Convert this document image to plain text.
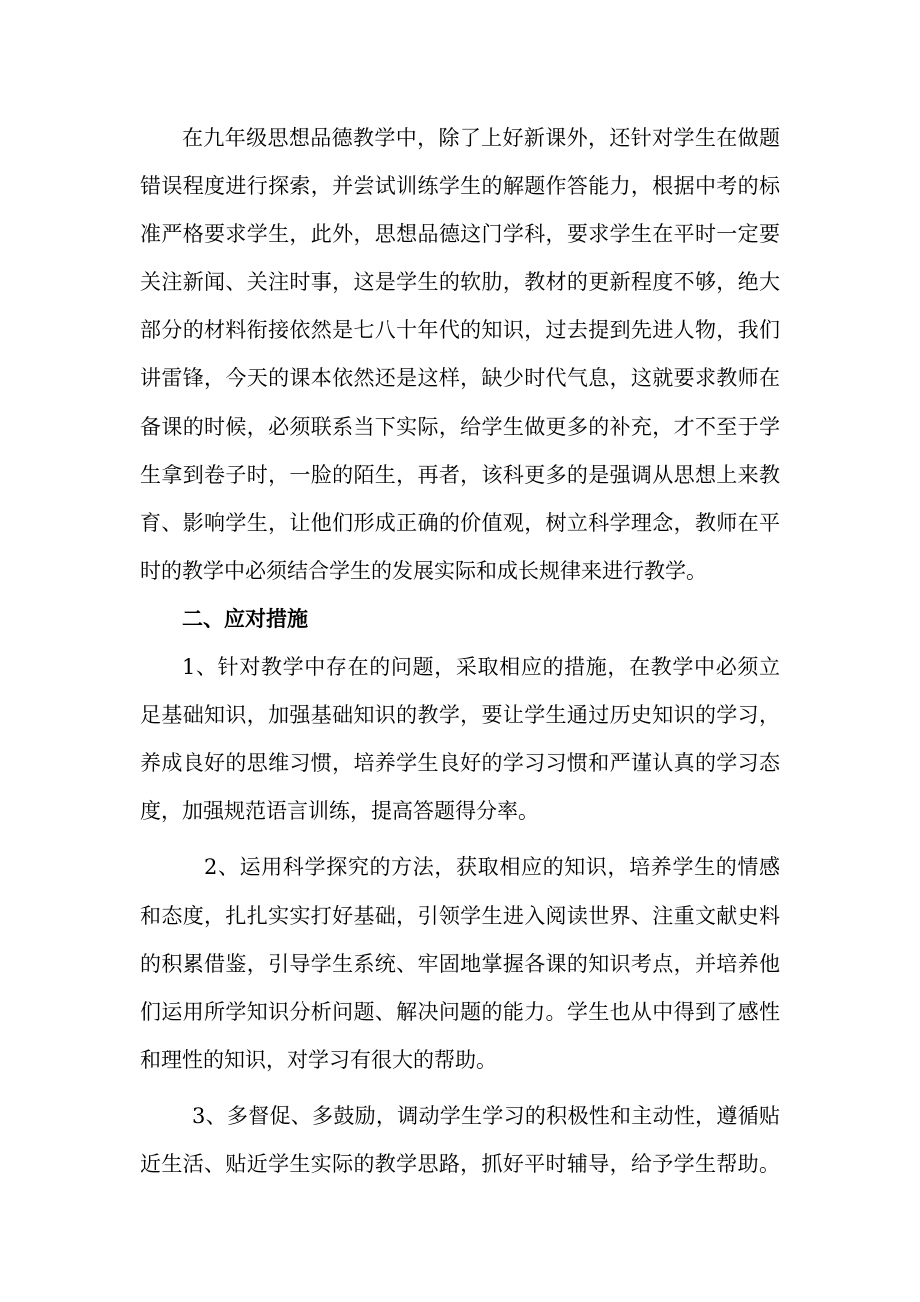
在九年级思想品德教学中，除了上好新课外，还针对学生在做题
错误程度进行探索，并尝试训练学生的解题作答能力，根据中考的标
准严格要求学生，此外，思想品德这门学科，要求学生在平时一定要
关注新闻、关注时事，这是学生的软肋，教材的更新程度不够，绝大
部分的材料衔接依然是七八十年代的知识，过去提到先进人物，我们
讲雷锋，今天的课本依然还是这样，缺少时代气息，这就要求教师在
备课的时候，必须联系当下实际，给学生做更多的补充，才不至于学
生拿到卷子时，一脸的陌生，再者，该科更多的是强调从思想上来教
育、影响学生，让他们形成正确的价值观，树立科学理念，教师在平
时的教学中必须结合学生的发展实际和成长规律来进行教学。
二、应对措施
1、针对教学中存在的问题，采取相应的措施，在教学中必须立
足基础知识，加强基础知识的教学，要让学生通过历史知识的学习，
养成良好的思维习惯，培养学生良好的学习习惯和严谨认真的学习态
度，加强规范语言训练，提高答题得分率。
2、运用科学探究的方法，获取相应的知识，培养学生的情感
和态度，扎扎实实打好基础，引领学生进入阅读世界、注重文献史料
的积累借鉴，引导学生系统、牢固地掌握各课的知识考点，并培养他
们运用所学知识分析问题、解决问题的能力。学生也从中得到了感性
和理性的知识，对学习有很大的帮助。
3、多督促、多鼓励，调动学生学习的积极性和主动性，遵循贴
近生活、贴近学生实际的教学思路，抓好平时辅导，给予学生帮助。
